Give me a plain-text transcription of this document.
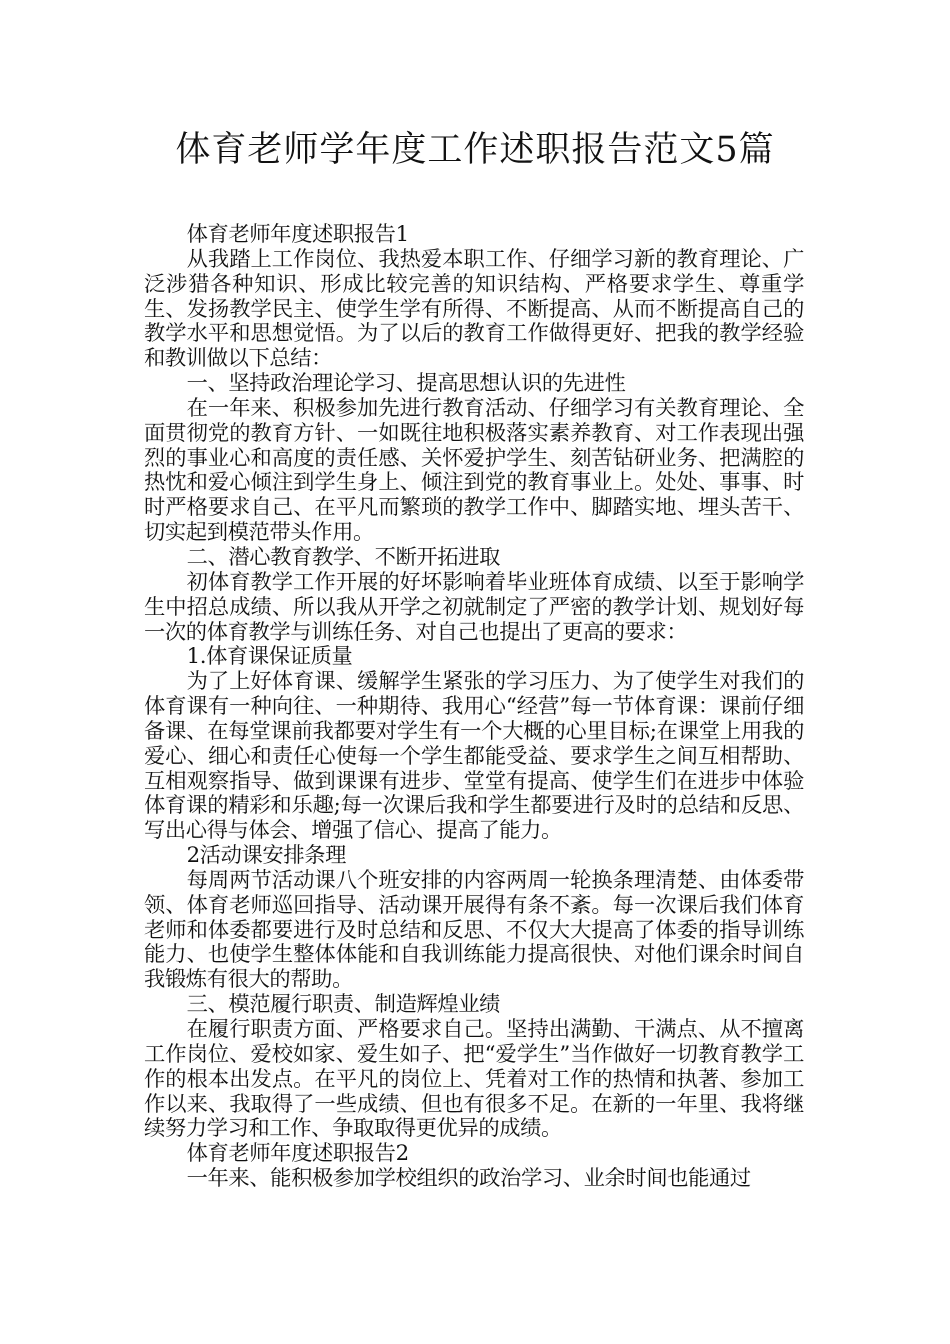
体育老师学年度工作述职报告范文5篇

体育老师年度述职报告1

从我踏上工作岗位、我热爱本职工作、仔细学习新的教育理论、广泛涉猎各种知识、形成比较完善的知识结构、严格要求学生、尊重学生、发扬教学民主、使学生学有所得、不断提高、从而不断提高自己的教学水平和思想觉悟。为了以后的教育工作做得更好、把我的教学经验和教训做以下总结：

一、坚持政治理论学习、提高思想认识的先进性

在一年来、积极参加先进行教育活动、仔细学习有关教育理论、全面贯彻党的教育方针、一如既往地积极落实素养教育、对工作表现出强烈的事业心和高度的责任感、关怀爱护学生、刻苦钻研业务、把满腔的热忱和爱心倾注到学生身上、倾注到党的教育事业上。处处、事事、时时严格要求自己、在平凡而繁琐的教学工作中、脚踏实地、埋头苦干、切实起到模范带头作用。

二、潜心教育教学、不断开拓进取

初体育教学工作开展的好坏影响着毕业班体育成绩、以至于影响学生中招总成绩、所以我从开学之初就制定了严密的教学计划、规划好每一次的体育教学与训练任务、对自己也提出了更高的要求：

1.体育课保证质量

为了上好体育课、缓解学生紧张的学习压力、为了使学生对我们的体育课有一种向往、一种期待、我用心“经营”每一节体育课：课前仔细备课、在每堂课前我都要对学生有一个大概的心里目标;在课堂上用我的爱心、细心和责任心使每一个学生都能受益、要求学生之间互相帮助、互相观察指导、做到课课有进步、堂堂有提高、使学生们在进步中体验体育课的精彩和乐趣;每一次课后我和学生都要进行及时的总结和反思、写出心得与体会、增强了信心、提高了能力。

2活动课安排条理

每周两节活动课八个班安排的内容两周一轮换条理清楚、由体委带领、体育老师巡回指导、活动课开展得有条不紊。每一次课后我们体育老师和体委都要进行及时总结和反思、不仅大大提高了体委的指导训练能力、也使学生整体体能和自我训练能力提高很快、对他们课余时间自我锻炼有很大的帮助。

三、模范履行职责、制造辉煌业绩

在履行职责方面、严格要求自己。坚持出满勤、干满点、从不擅离工作岗位、爱校如家、爱生如子、把“爱学生”当作做好一切教育教学工作的根本出发点。在平凡的岗位上、凭着对工作的热情和执著、参加工作以来、我取得了一些成绩、但也有很多不足。在新的一年里、我将继续努力学习和工作、争取取得更优异的成绩。

体育老师年度述职报告2

一年来、能积极参加学校组织的政治学习、业余时间也能通过
